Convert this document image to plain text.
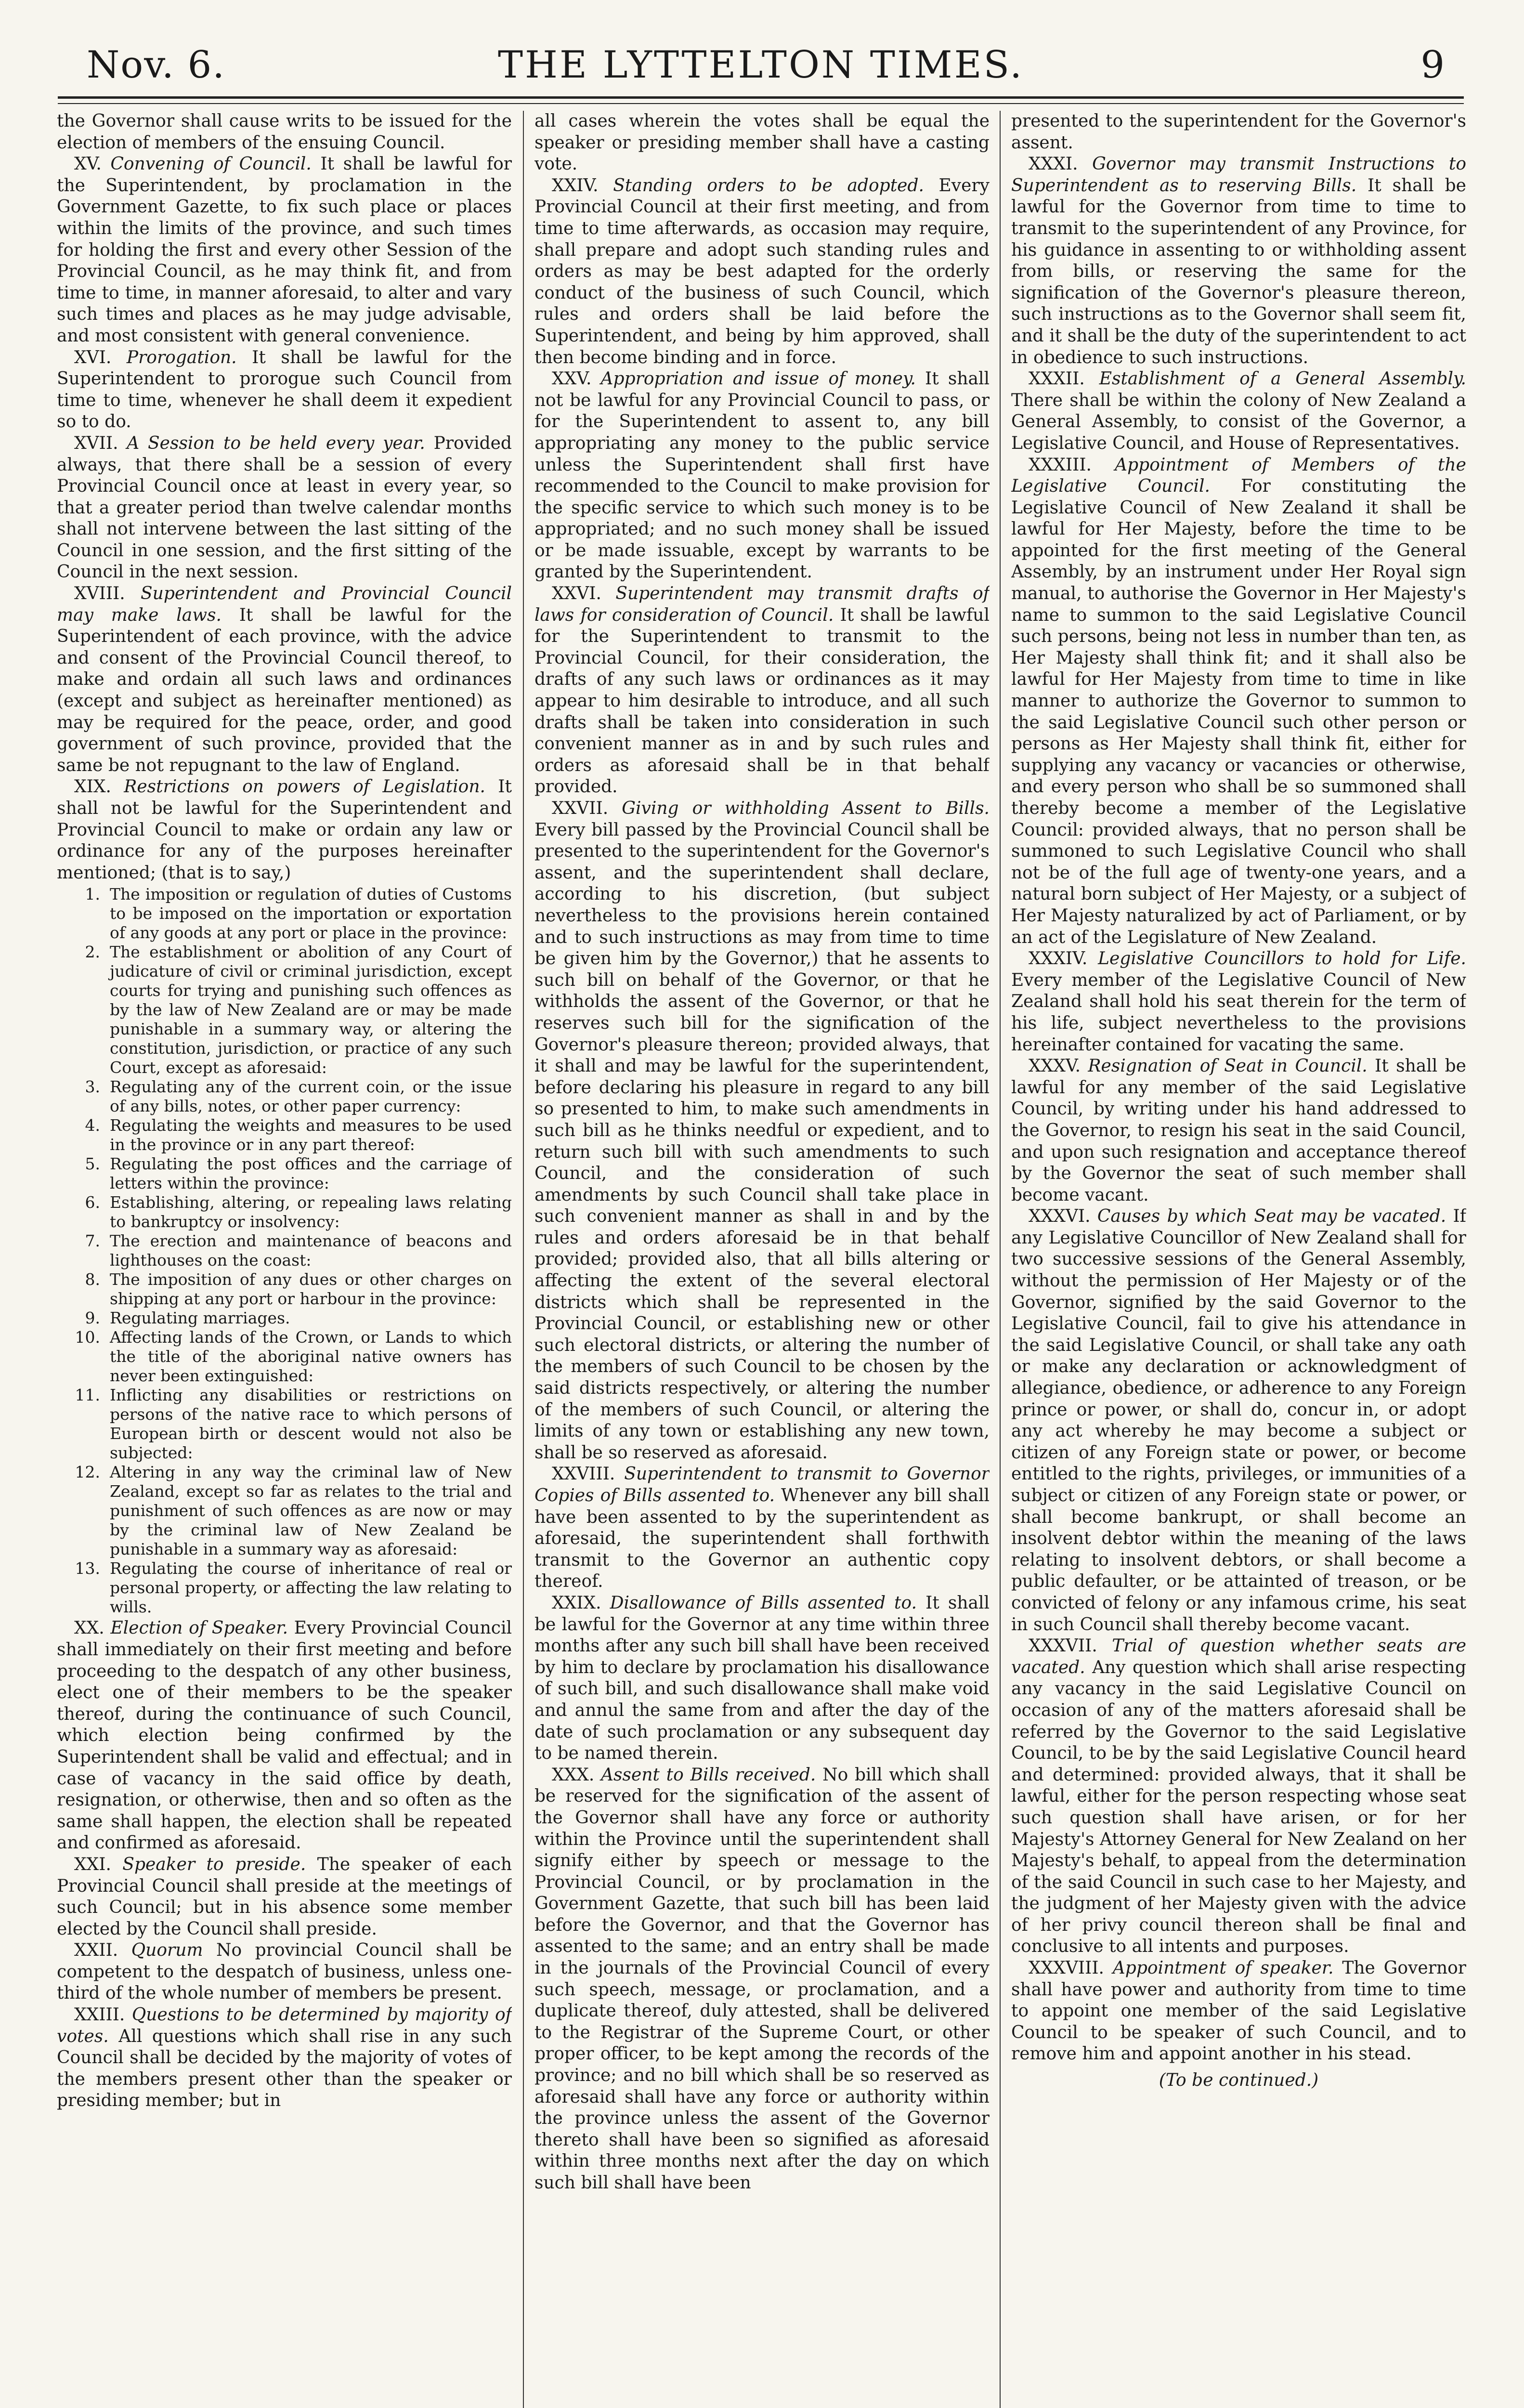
Nov. 6.	THE LYTTELTON TIMES.	9

the Governor shall cause writs to be issued for the election of members of the ensuing Council.

XV. Convening of Council. It shall be lawful for the Superintendent, by proclamation in the Government Gazette, to fix such place or places within the limits of the province, and such times for holding the first and every other Session of the Provincial Council, as he may think fit, and from time to time, in manner aforesaid, to alter and vary such times and places as he may judge advisable, and most consistent with general convenience.

XVI. Prorogation. It shall be lawful for the Superintendent to prorogue such Council from time to time, whenever he shall deem it expedient so to do.

XVII. A Session to be held every year. Provided always, that there shall be a session of every Provincial Council once at least in every year, so that a greater period than twelve calendar months shall not intervene between the last sitting of the Council in one session, and the first sitting of the Council in the next session.

XVIII. Superintendent and Provincial Council may make laws. It shall be lawful for the Superintendent of each province, with the advice and consent of the Provincial Council thereof, to make and ordain all such laws and ordinances (except and subject as hereinafter mentioned) as may be required for the peace, order, and good government of such province, provided that the same be not repugnant to the law of England.

XIX. Restrictions on powers of Legislation. It shall not be lawful for the Superintendent and Provincial Council to make or ordain any law or ordinance for any of the purposes hereinafter mentioned; (that is to say,)

1. The imposition or regulation of duties of Customs to be imposed on the importation or exportation of any goods at any port or place in the province:
2. The establishment or abolition of any Court of judicature of civil or criminal jurisdiction, except courts for trying and punishing such offences as by the law of New Zealand are or may be made punishable in a summary way, or altering the constitution, jurisdiction, or practice of any such Court, except as aforesaid:
3. Regulating any of the current coin, or the issue of any bills, notes, or other paper currency:
4. Regulating the weights and measures to be used in the province or in any part thereof:
5. Regulating the post offices and the carriage of letters within the province:
6. Establishing, altering, or repealing laws relating to bankruptcy or insolvency:
7. The erection and maintenance of beacons and lighthouses on the coast:
8. The imposition of any dues or other charges on shipping at any port or harbour in the province:
9. Regulating marriages.
10. Affecting lands of the Crown, or Lands to which the title of the aboriginal native owners has never been extinguished:
11. Inflicting any disabilities or restrictions on persons of the native race to which persons of European birth or descent would not also be subjected:
12. Altering in any way the criminal law of New Zealand, except so far as relates to the trial and punishment of such offences as are now or may by the criminal law of New Zealand be punishable in a summary way as aforesaid:
13. Regulating the course of inheritance of real or personal property, or affecting the law relating to wills.

XX. Election of Speaker. Every Provincial Council shall immediately on their first meeting and before proceeding to the despatch of any other business, elect one of their members to be the speaker thereof, during the continuance of such Council, which election being confirmed by the Superintendent shall be valid and effectual; and in case of vacancy in the said office by death, resignation, or otherwise, then and so often as the same shall happen, the election shall be repeated and confirmed as aforesaid.

XXI. Speaker to preside. The speaker of each Provincial Council shall preside at the meetings of such Council; but in his absence some member elected by the Council shall preside.

XXII. Quorum No provincial Council shall be competent to the despatch of business, unless one-third of the whole number of members be present.

XXIII. Questions to be determined by majority of votes. All questions which shall rise in any such Council shall be decided by the majority of votes of the members present other than the speaker or presiding member; but in

all cases wherein the votes shall be equal the speaker or presiding member shall have a casting vote.

XXIV. Standing orders to be adopted. Every Provincial Council at their first meeting, and from time to time afterwards, as occasion may require, shall prepare and adopt such standing rules and orders as may be best adapted for the orderly conduct of the business of such Council, which rules and orders shall be laid before the Superintendent, and being by him approved, shall then become binding and in force.

XXV. Appropriation and issue of money. It shall not be lawful for any Provincial Council to pass, or for the Superintendent to assent to, any bill appropriating any money to the public service unless the Superintendent shall first have recommended to the Council to make provision for the specific service to which such money is to be appropriated; and no such money shall be issued or be made issuable, except by warrants to be granted by the Superintendent.

XXVI. Superintendent may transmit drafts of laws for consideration of Council. It shall be lawful for the Superintendent to transmit to the Provincial Council, for their consideration, the drafts of any such laws or ordinances as it may appear to him desirable to introduce, and all such drafts shall be taken into consideration in such convenient manner as in and by such rules and orders as aforesaid shall be in that behalf provided.

XXVII. Giving or withholding Assent to Bills. Every bill passed by the Provincial Council shall be presented to the superintendent for the Governor's assent, and the superintendent shall declare, according to his discretion, (but subject nevertheless to the provisions herein contained and to such instructions as may from time to time be given him by the Governor,) that he assents to such bill on behalf of the Governor, or that he withholds the assent of the Governor, or that he reserves such bill for the signification of the Governor's pleasure thereon; provided always, that it shall and may be lawful for the superintendent, before declaring his pleasure in regard to any bill so presented to him, to make such amendments in such bill as he thinks needful or expedient, and to return such bill with such amendments to such Council, and the consideration of such amendments by such Council shall take place in such convenient manner as shall in and by the rules and orders aforesaid be in that behalf provided; provided also, that all bills altering or affecting the extent of the several electoral districts which shall be represented in the Provincial Council, or establishing new or other such electoral districts, or altering the number of the members of such Council to be chosen by the said districts respectively, or altering the number of the members of such Council, or altering the limits of any town or establishing any new town, shall be so reserved as aforesaid.

XXVIII. Superintendent to transmit to Governor Copies of Bills assented to. Whenever any bill shall have been assented to by the superintendent as aforesaid, the superintendent shall forthwith transmit to the Governor an authentic copy thereof.

XXIX. Disallowance of Bills assented to. It shall be lawful for the Governor at any time within three months after any such bill shall have been received by him to declare by proclamation his disallowance of such bill, and such disallowance shall make void and annul the same from and after the day of the date of such proclamation or any subsequent day to be named therein.

XXX. Assent to Bills received. No bill which shall be reserved for the signification of the assent of the Governor shall have any force or authority within the Province until the superintendent shall signify either by speech or message to the Provincial Council, or by proclamation in the Government Gazette, that such bill has been laid before the Governor, and that the Governor has assented to the same; and an entry shall be made in the journals of the Provincial Council of every such speech, message, or proclamation, and a duplicate thereof, duly attested, shall be delivered to the Registrar of the Supreme Court, or other proper officer, to be kept among the records of the province; and no bill which shall be so reserved as aforesaid shall have any force or authority within the province unless the assent of the Governor thereto shall have been so signified as aforesaid within three months next after the day on which such bill shall have been

presented to the superintendent for the Governor's assent.

XXXI. Governor may transmit Instructions to Superintendent as to reserving Bills. It shall be lawful for the Governor from time to time to transmit to the superintendent of any Province, for his guidance in assenting to or withholding assent from bills, or reserving the same for the signification of the Governor's pleasure thereon, such instructions as to the Governor shall seem fit, and it shall be the duty of the superintendent to act in obedience to such instructions.

XXXII. Establishment of a General Assembly. There shall be within the colony of New Zealand a General Assembly, to consist of the Governor, a Legislative Council, and House of Representatives.

XXXIII. Appointment of Members of the Legislative Council. For constituting the Legislative Council of New Zealand it shall be lawful for Her Majesty, before the time to be appointed for the first meeting of the General Assembly, by an instrument under Her Royal sign manual, to authorise the Governor in Her Majesty's name to summon to the said Legislative Council such persons, being not less in number than ten, as Her Majesty shall think fit; and it shall also be lawful for Her Majesty from time to time in like manner to authorize the Governor to summon to the said Legislative Council such other person or persons as Her Majesty shall think fit, either for supplying any vacancy or vacancies or otherwise, and every person who shall be so summoned shall thereby become a member of the Legislative Council: provided always, that no person shall be summoned to such Legislative Council who shall not be of the full age of twenty-one years, and a natural born subject of Her Majesty, or a subject of Her Majesty naturalized by act of Parliament, or by an act of the Legislature of New Zealand.

XXXIV. Legislative Councillors to hold for Life. Every member of the Legislative Council of New Zealand shall hold his seat therein for the term of his life, subject nevertheless to the provisions hereinafter contained for vacating the same.

XXXV. Resignation of Seat in Council. It shall be lawful for any member of the said Legislative Council, by writing under his hand addressed to the Governor, to resign his seat in the said Council, and upon such resignation and acceptance thereof by the Governor the seat of such member shall become vacant.

XXXVI. Causes by which Seat may be vacated. If any Legislative Councillor of New Zealand shall for two successive sessions of the General Assembly, without the permission of Her Majesty or of the Governor, signified by the said Governor to the Legislative Council, fail to give his attendance in the said Legislative Council, or shall take any oath or make any declaration or acknowledgment of allegiance, obedience, or adherence to any Foreign prince or power, or shall do, concur in, or adopt any act whereby he may become a subject or citizen of any Foreign state or power, or become entitled to the rights, privileges, or immunities of a subject or citizen of any Foreign state or power, or shall become bankrupt, or shall become an insolvent debtor within the meaning of the laws relating to insolvent debtors, or shall become a public defaulter, or be attainted of treason, or be convicted of felony or any infamous crime, his seat in such Council shall thereby become vacant.

XXXVII. Trial of question whether seats are vacated. Any question which shall arise respecting any vacancy in the said Legislative Council on occasion of any of the matters aforesaid shall be referred by the Governor to the said Legislative Council, to be by the said Legislative Council heard and determined: provided always, that it shall be lawful, either for the person respecting whose seat such question shall have arisen, or for her Majesty's Attorney General for New Zealand on her Majesty's behalf, to appeal from the determination of the said Council in such case to her Majesty, and the judgment of her Majesty given with the advice of her privy council thereon shall be final and conclusive to all intents and purposes.

XXXVIII. Appointment of speaker. The Governor shall have power and authority from time to time to appoint one member of the said Legislative Council to be speaker of such Council, and to remove him and appoint another in his stead.

(To be continued.)
